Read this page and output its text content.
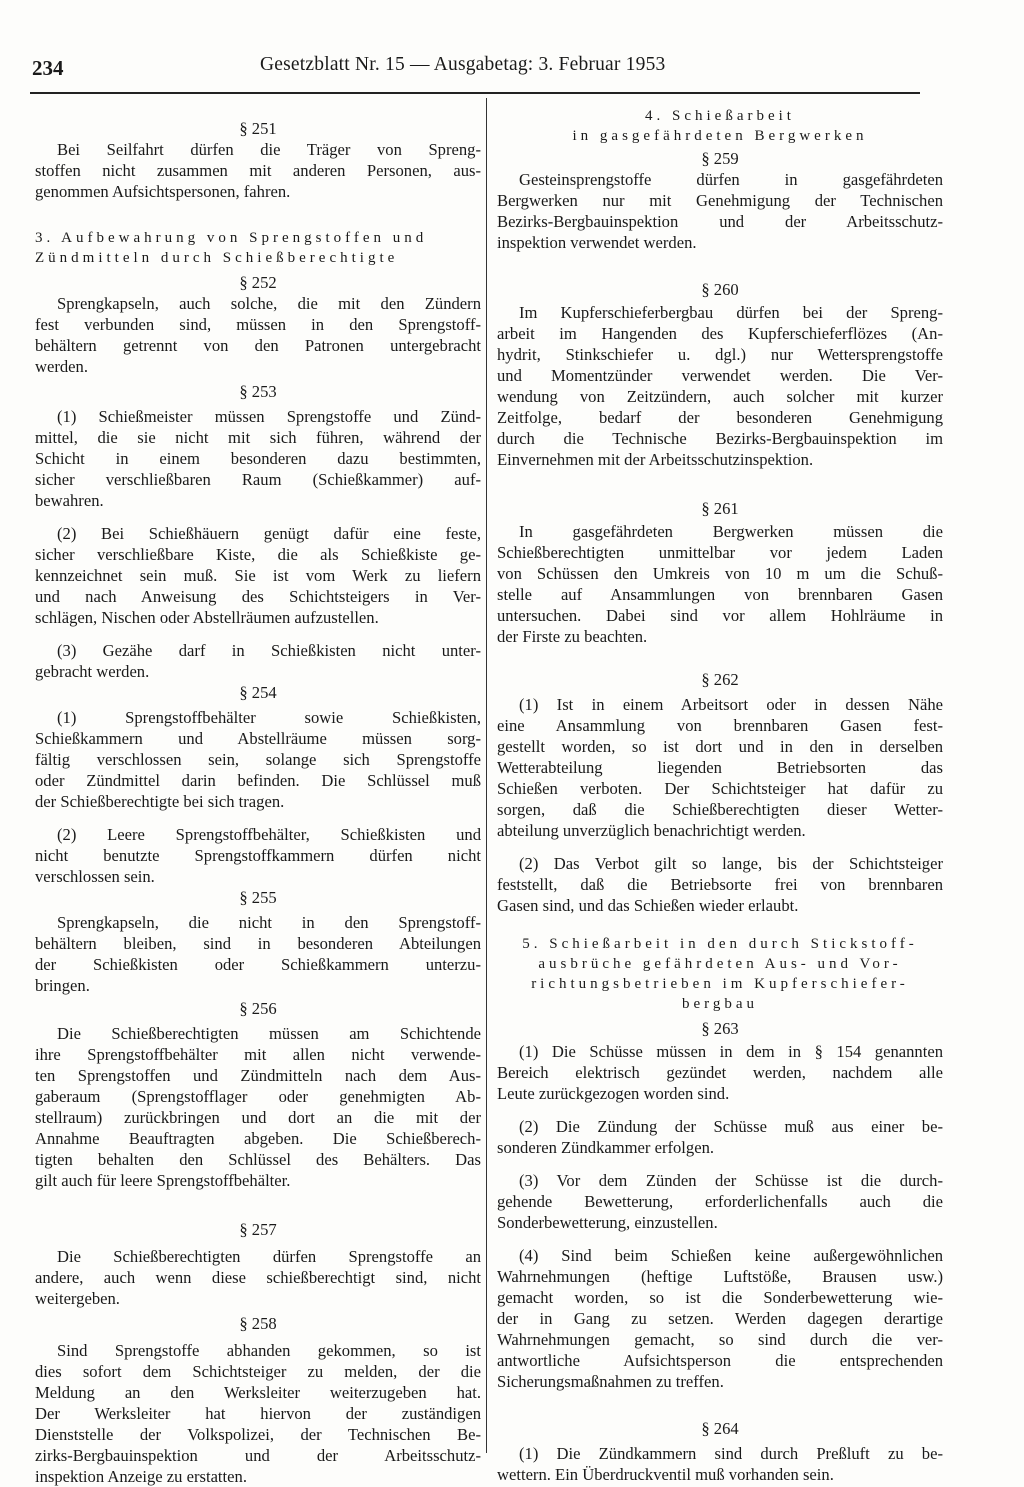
234	Gesetzblatt Nr. 15 — Ausgabetag: 3. Februar 1953
§ 251
Bei Seilfahrt dürfen die Träger von Spreng-
stoffen nicht zusammen mit anderen Personen, aus-
genommen Aufsichtspersonen, fahren.
3. Aufbewahrung von Sprengstoffen und
Zündmitteln durch Schießberechtigte
§ 252
Sprengkapseln, auch solche, die mit den Zündern
fest verbunden sind, müssen in den Sprengstoff-
behältern getrennt von den Patronen untergebracht
werden.
§ 253
(1) Schießmeister müssen Sprengstoffe und Zünd-
mittel, die sie nicht mit sich führen, während der
Schicht in einem besonderen dazu bestimmten,
sicher verschließbaren Raum (Schießkammer) auf-
bewahren.
(2) Bei Schießhäuern genügt dafür eine feste,
sicher verschließbare Kiste, die als Schießkiste ge-
kennzeichnet sein muß. Sie ist vom Werk zu liefern
und nach Anweisung des Schichtsteigers in Ver-
schlägen, Nischen oder Abstellräumen aufzustellen.
(3) Gezähe darf in Schießkisten nicht unter-
gebracht werden.
§ 254
(1) Sprengstoffbehälter sowie Schießkisten,
Schießkammern und Abstellräume müssen sorg-
fältig verschlossen sein, solange sich Sprengstoffe
oder Zündmittel darin befinden. Die Schlüssel muß
der Schießberechtigte bei sich tragen.
(2) Leere Sprengstoffbehälter, Schießkisten und
nicht benutzte Sprengstoffkammern dürfen nicht
verschlossen sein.
§ 255
Sprengkapseln, die nicht in den Sprengstoff-
behältern bleiben, sind in besonderen Abteilungen
der Schießkisten oder Schießkammern unterzu-
bringen.
§ 256
Die Schießberechtigten müssen am Schichtende
ihre Sprengstoffbehälter mit allen nicht verwende-
ten Sprengstoffen und Zündmitteln nach dem Aus-
gaberaum (Sprengstofflager oder genehmigten Ab-
stellraum) zurückbringen und dort an die mit der
Annahme Beauftragten abgeben. Die Schießberech-
tigten behalten den Schlüssel des Behälters. Das
gilt auch für leere Sprengstoffbehälter.
§ 257
Die Schießberechtigten dürfen Sprengstoffe an
andere, auch wenn diese schießberechtigt sind, nicht
weitergeben.
§ 258
Sind Sprengstoffe abhanden gekommen, so ist
dies sofort dem Schichtsteiger zu melden, der die
Meldung an den Werksleiter weiterzugeben hat.
Der Werksleiter hat hiervon der zuständigen
Dienststelle der Volkspolizei, der Technischen Be-
zirks-Bergbauinspektion und der Arbeitsschutz-
inspektion Anzeige zu erstatten.
4. Schießarbeit
in gasgefährdeten Bergwerken
§ 259
Gesteinsprengstoffe dürfen in gasgefährdeten
Bergwerken nur mit Genehmigung der Technischen
Bezirks-Bergbauinspektion und der Arbeitsschutz-
inspektion verwendet werden.
§ 260
Im Kupferschieferbergbau dürfen bei der Spreng-
arbeit im Hangenden des Kupferschieferflözes (An-
hydrit, Stinkschiefer u. dgl.) nur Wettersprengstoffe
und Momentzünder verwendet werden. Die Ver-
wendung von Zeitzündern, auch solcher mit kurzer
Zeitfolge, bedarf der besonderen Genehmigung
durch die Technische Bezirks-Bergbauinspektion im
Einvernehmen mit der Arbeitsschutzinspektion.
§ 261
In gasgefährdeten Bergwerken müssen die
Schießberechtigten unmittelbar vor jedem Laden
von Schüssen den Umkreis von 10 m um die Schuß-
stelle auf Ansammlungen von brennbaren Gasen
untersuchen. Dabei sind vor allem Hohlräume in
der Firste zu beachten.
§ 262
(1) Ist in einem Arbeitsort oder in dessen Nähe
eine Ansammlung von brennbaren Gasen fest-
gestellt worden, so ist dort und in den in derselben
Wetterabteilung liegenden Betriebsorten das
Schießen verboten. Der Schichtsteiger hat dafür zu
sorgen, daß die Schießberechtigten dieser Wetter-
abteilung unverzüglich benachrichtigt werden.
(2) Das Verbot gilt so lange, bis der Schichtsteiger
feststellt, daß die Betriebsorte frei von brennbaren
Gasen sind, und das Schießen wieder erlaubt.
5. Schießarbeit in den durch Stickstoff-
ausbrüche gefährdeten Aus- und Vor-
richtungsbetrieben im Kupferschiefer-
bergbau
§ 263
(1) Die Schüsse müssen in dem in § 154 genannten
Bereich elektrisch gezündet werden, nachdem alle
Leute zurückgezogen worden sind.
(2) Die Zündung der Schüsse muß aus einer be-
sonderen Zündkammer erfolgen.
(3) Vor dem Zünden der Schüsse ist die durch-
gehende Bewetterung, erforderlichenfalls auch die
Sonderbewetterung, einzustellen.
(4) Sind beim Schießen keine außergewöhnlichen
Wahrnehmungen (heftige Luftstöße, Brausen usw.)
gemacht worden, so ist die Sonderbewetterung wie-
der in Gang zu setzen. Werden dagegen derartige
Wahrnehmungen gemacht, so sind durch die ver-
antwortliche Aufsichtsperson die entsprechenden
Sicherungsmaßnahmen zu treffen.
§ 264
(1) Die Zündkammern sind durch Preßluft zu be-
wettern. Ein Überdruckventil muß vorhanden sein.
